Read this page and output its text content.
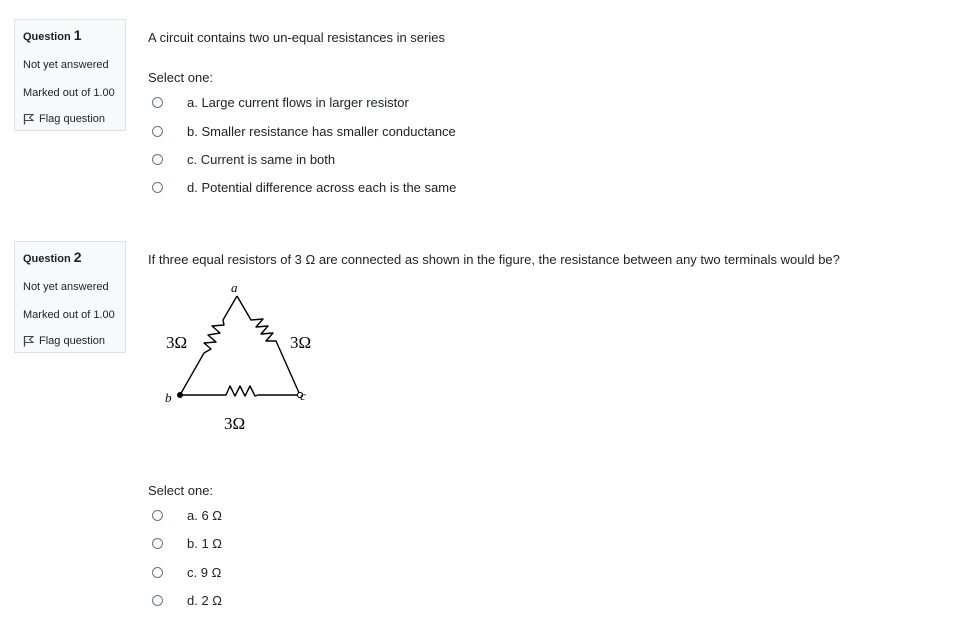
Question 1
Not yet answered
Marked out of 1.00
Flag question
A circuit contains two un-equal resistances in series
Select one:
a. Large current flows in larger resistor
b. Smaller resistance has smaller conductance
c. Current is same in both
d. Potential difference across each is the same
Question 2
Not yet answered
Marked out of 1.00
Flag question
If three equal resistors of 3 Ω are connected as shown in the figure, the resistance between any two terminals would be?
a
b	c
3Ω	3Ω
3Ω
Select one:
a. 6 Ω
b. 1 Ω
c. 9 Ω
d. 2 Ω
